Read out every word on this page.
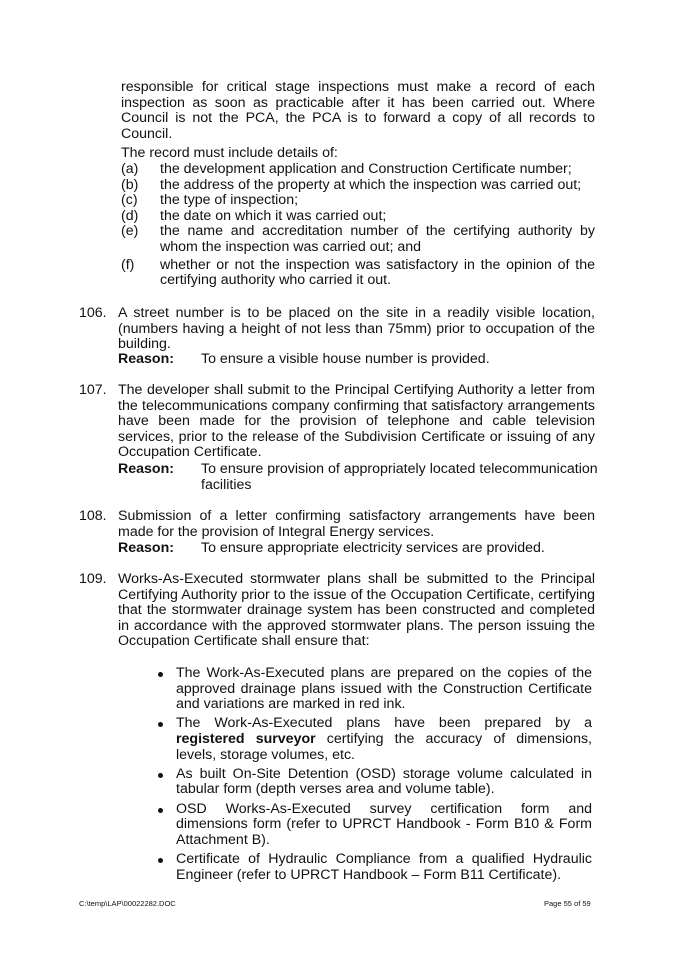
responsible for critical stage inspections must make a record of each inspection as soon as practicable after it has been carried out. Where Council is not the PCA, the PCA is to forward a copy of all records to Council.
The record must include details of:
(a) the development application and Construction Certificate number;
(b) the address of the property at which the inspection was carried out;
(c) the type of inspection;
(d) the date on which it was carried out;
(e) the name and accreditation number of the certifying authority by whom the inspection was carried out; and
(f) whether or not the inspection was satisfactory in the opinion of the certifying authority who carried it out.
106. A street number is to be placed on the site in a readily visible location, (numbers having a height of not less than 75mm) prior to occupation of the building.
Reason: To ensure a visible house number is provided.
107. The developer shall submit to the Principal Certifying Authority a letter from the telecommunications company confirming that satisfactory arrangements have been made for the provision of telephone and cable television services, prior to the release of the Subdivision Certificate or issuing of any Occupation Certificate.
Reason: To ensure provision of appropriately located telecommunication facilities
108. Submission of a letter confirming satisfactory arrangements have been made for the provision of Integral Energy services.
Reason: To ensure appropriate electricity services are provided.
109. Works-As-Executed stormwater plans shall be submitted to the Principal Certifying Authority prior to the issue of the Occupation Certificate, certifying that the stormwater drainage system has been constructed and completed in accordance with the approved stormwater plans. The person issuing the Occupation Certificate shall ensure that:
The Work-As-Executed plans are prepared on the copies of the approved drainage plans issued with the Construction Certificate and variations are marked in red ink.
The Work-As-Executed plans have been prepared by a registered surveyor certifying the accuracy of dimensions, levels, storage volumes, etc.
As built On-Site Detention (OSD) storage volume calculated in tabular form (depth verses area and volume table).
OSD Works-As-Executed survey certification form and dimensions form (refer to UPRCT Handbook - Form B10 & Form Attachment B).
Certificate of Hydraulic Compliance from a qualified Hydraulic Engineer (refer to UPRCT Handbook – Form B11 Certificate).
C:\temp\LAP\00022282.DOC	Page 55 of 59
